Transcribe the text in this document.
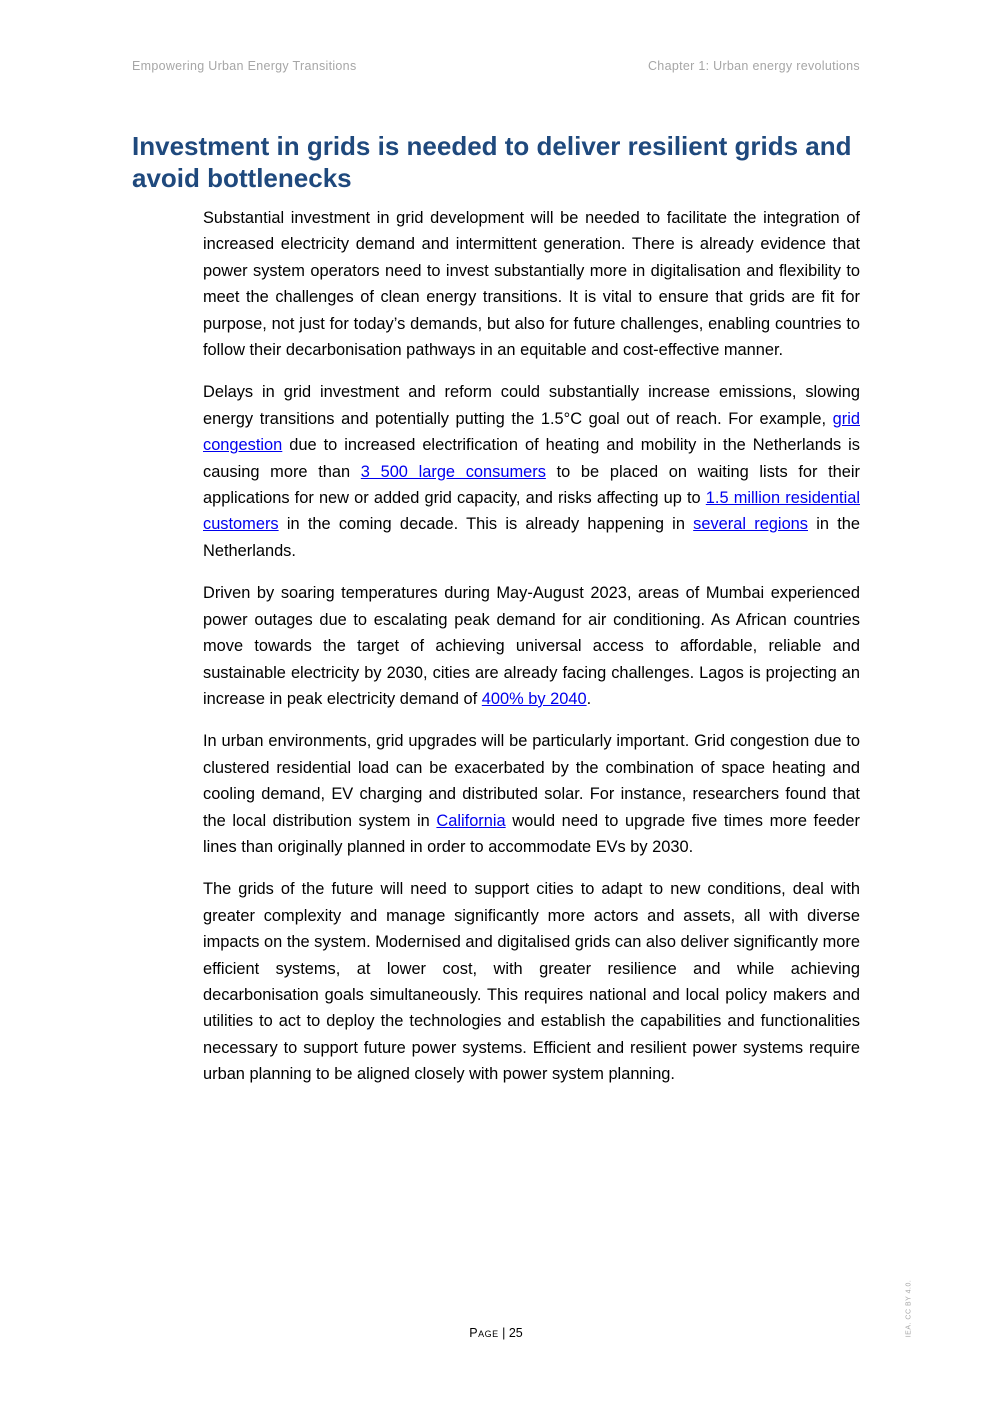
Empowering Urban Energy Transitions	Chapter 1: Urban energy revolutions
Investment in grids is needed to deliver resilient grids and avoid bottlenecks

Substantial investment in grid development will be needed to facilitate the integration of increased electricity demand and intermittent generation. There is already evidence that power system operators need to invest substantially more in digitalisation and flexibility to meet the challenges of clean energy transitions. It is vital to ensure that grids are fit for purpose, not just for today’s demands, but also for future challenges, enabling countries to follow their decarbonisation pathways in an equitable and cost-effective manner.

Delays in grid investment and reform could substantially increase emissions, slowing energy transitions and potentially putting the 1.5°C goal out of reach. For example, grid congestion due to increased electrification of heating and mobility in the Netherlands is causing more than 3 500 large consumers to be placed on waiting lists for their applications for new or added grid capacity, and risks affecting up to 1.5 million residential customers in the coming decade. This is already happening in several regions in the Netherlands.

Driven by soaring temperatures during May-August 2023, areas of Mumbai experienced power outages due to escalating peak demand for air conditioning. As African countries move towards the target of achieving universal access to affordable, reliable and sustainable electricity by 2030, cities are already facing challenges. Lagos is projecting an increase in peak electricity demand of 400% by 2040.

In urban environments, grid upgrades will be particularly important. Grid congestion due to clustered residential load can be exacerbated by the combination of space heating and cooling demand, EV charging and distributed solar. For instance, researchers found that the local distribution system in California would need to upgrade five times more feeder lines than originally planned in order to accommodate EVs by 2030.

The grids of the future will need to support cities to adapt to new conditions, deal with greater complexity and manage significantly more actors and assets, all with diverse impacts on the system. Modernised and digitalised grids can also deliver significantly more efficient systems, at lower cost, with greater resilience and while achieving decarbonisation goals simultaneously. This requires national and local policy makers and utilities to act to deploy the technologies and establish the capabilities and functionalities necessary to support future power systems. Efficient and resilient power systems require urban planning to be aligned closely with power system planning.

Page | 25	IEA. CC BY 4.0.
